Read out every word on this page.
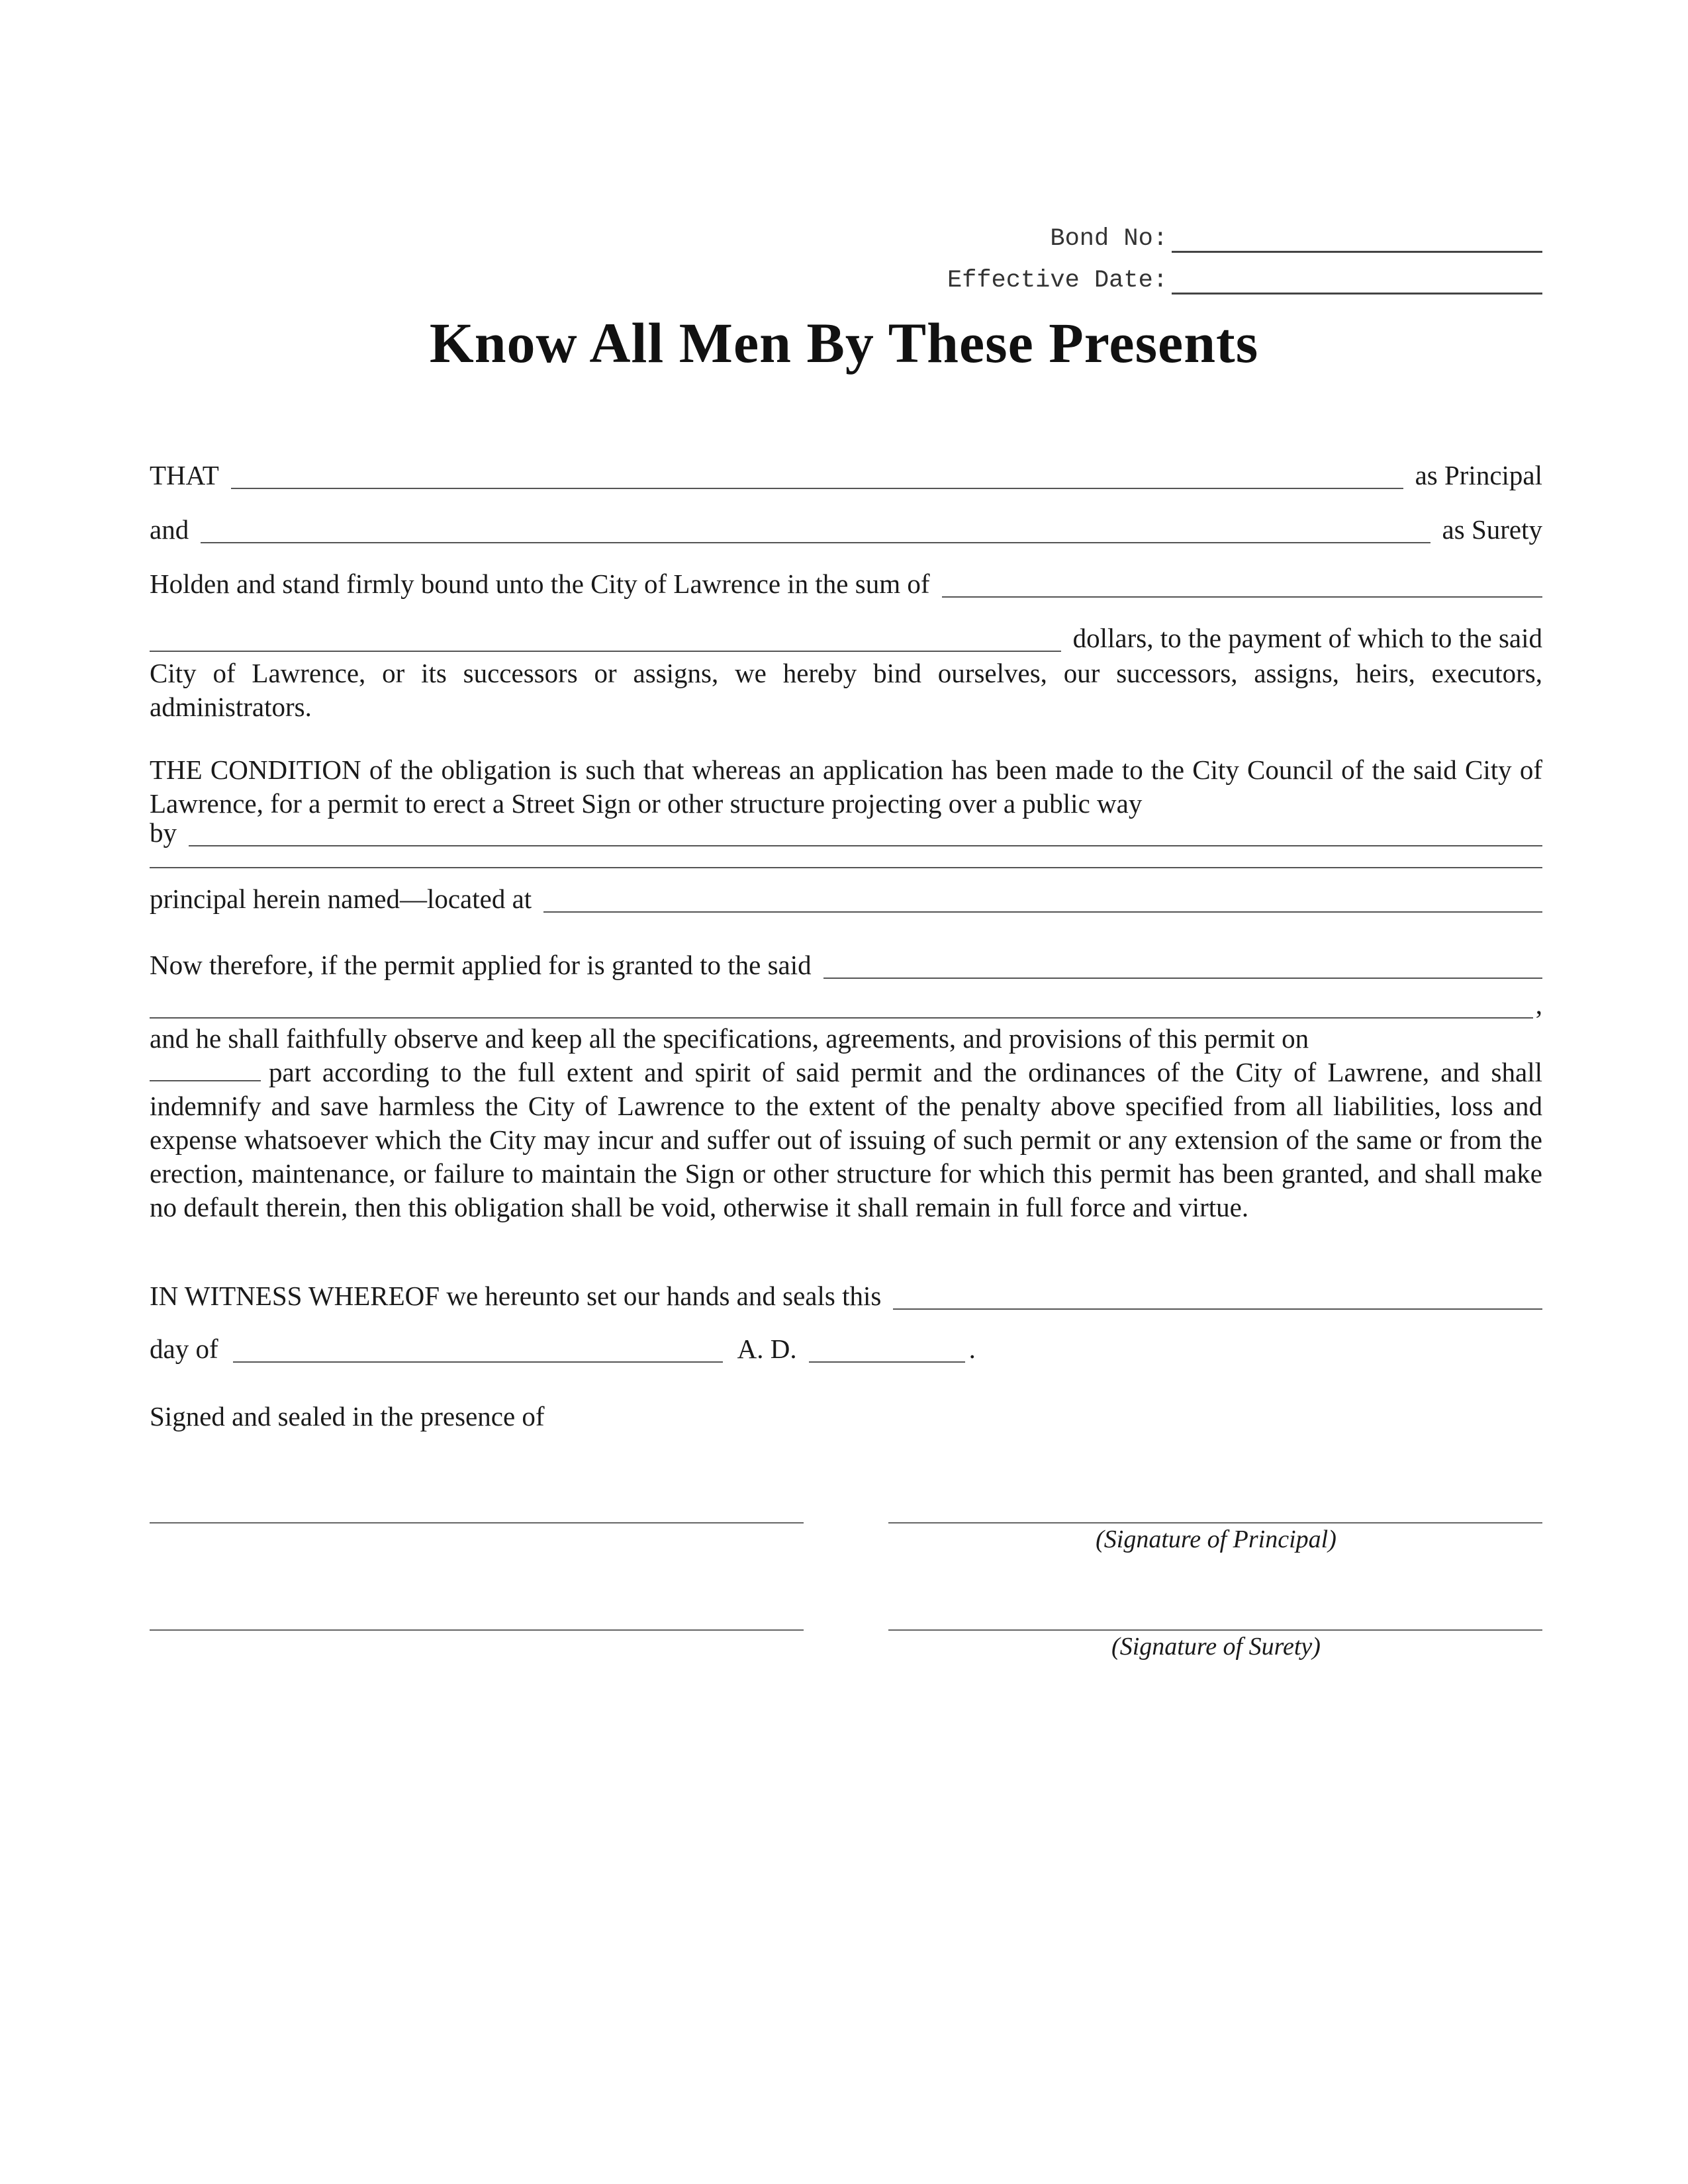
Bond No:
Effective Date:
Know All Men By These Presents
THAT	as Principal
and	as Surety
Holden and stand firmly bound unto the City of Lawrence in the sum of
dollars, to the payment of which to the said
City of Lawrence, or its successors or assigns, we hereby bind ourselves, our successors, assigns, heirs, executors, administrators.
THE CONDITION of the obligation is such that whereas an application has been made to the City Council of the said City of Lawrence, for a permit to erect a Street Sign or other structure projecting over a public way
by
principal herein named—located at
Now therefore, if the permit applied for is granted to the said
,
and he shall faithfully observe and keep all the specifications, agreements, and provisions of this permit on
part according to the full extent and spirit of said permit and the ordinances of the City of Lawrene, and shall indemnify and save harmless the City of Lawrence to the extent of the penalty above specified from all liabilities, loss and expense whatsoever which the City may incur and suffer out of issuing of such permit or any extension of the same or from the erection, maintenance, or failure to maintain the Sign or other structure for which this permit has been granted, and shall make no default therein, then this obligation shall be void, otherwise it shall remain in full force and virtue.
IN WITNESS WHEREOF we hereunto set our hands and seals this
day of	A. D.	.
Signed and sealed in the presence of
(Signature of Principal)
(Signature of Surety)
